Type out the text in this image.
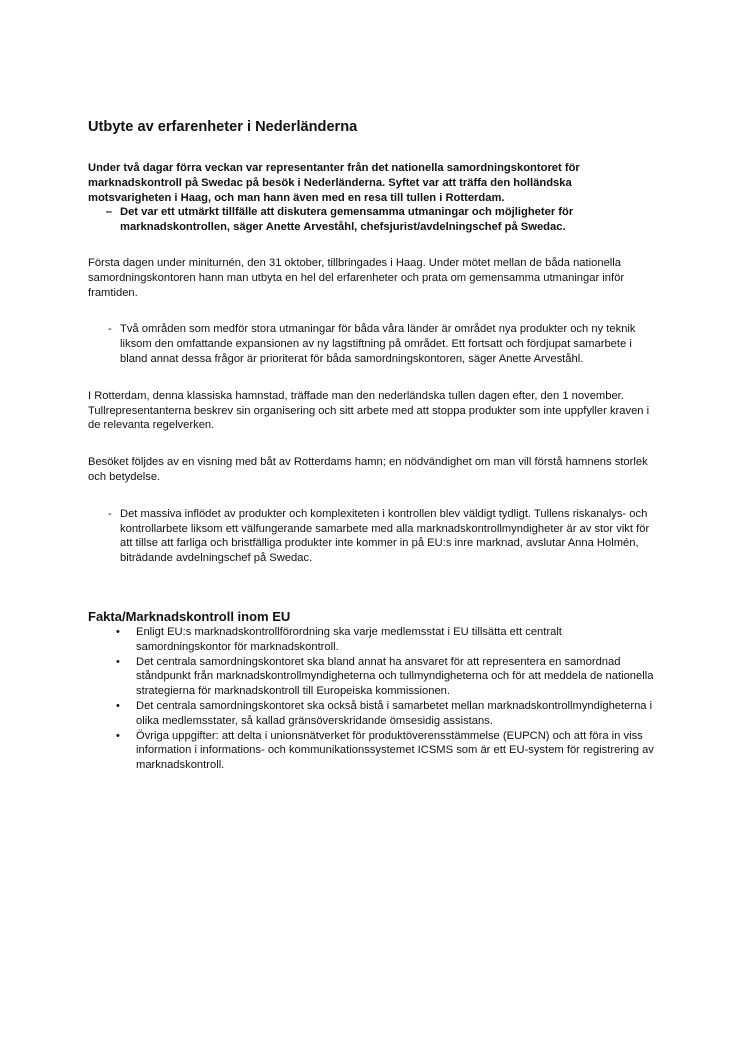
Utbyte av erfarenheter i Nederländerna

Under två dagar förra veckan var representanter från det nationella samordningskontoret för marknadskontroll på Swedac på besök i Nederländerna. Syftet var att träffa den holländska motsvarigheten i Haag, och man hann även med en resa till tullen i Rotterdam.

– Det var ett utmärkt tillfälle att diskutera gemensamma utmaningar och möjligheter för marknadskontrollen, säger Anette Arveståhl, chefsjurist/avdelningschef på Swedac.

Första dagen under miniturnén, den 31 oktober, tillbringades i Haag. Under mötet mellan de båda nationella samordningskontoren hann man utbyta en hel del erfarenheter och prata om gemensamma utmaningar inför framtiden.

- Två områden som medför stora utmaningar för båda våra länder är området nya produkter och ny teknik liksom den omfattande expansionen av ny lagstiftning på området. Ett fortsatt och fördjupat samarbete i bland annat dessa frågor är prioriterat för båda samordningskontoren, säger Anette Arveståhl.

I Rotterdam, denna klassiska hamnstad, träffade man den nederländska tullen dagen efter, den 1 november. Tullrepresentanterna beskrev sin organisering och sitt arbete med att stoppa produkter som inte uppfyller kraven i de relevanta regelverken.

Besöket följdes av en visning med båt av Rotterdams hamn; en nödvändighet om man vill förstå hamnens storlek och betydelse.

- Det massiva inflödet av produkter och komplexiteten i kontrollen blev väldigt tydligt. Tullens riskanalys- och kontrollarbete liksom ett välfungerande samarbete med alla marknadskontrollmyndigheter är av stor vikt för att tillse att farliga och bristfälliga produkter inte kommer in på EU:s inre marknad, avslutar Anna Holmén, biträdande avdelningschef på Swedac.
Fakta/Marknadskontroll inom EU
• Enligt EU:s marknadskontrollförordning ska varje medlemsstat i EU tillsätta ett centralt samordningskontor för marknadskontroll.
• Det centrala samordningskontoret ska bland annat ha ansvaret för att representera en samordnad ståndpunkt från marknadskontrollmyndigheterna och tullmyndigheterna och för att meddela de nationella strategierna för marknadskontroll till Europeiska kommissionen.
• Det centrala samordningskontoret ska också bistå i samarbetet mellan marknadskontrollmyndigheterna i olika medlemsstater, så kallad gränsöverskridande ömsesidig assistans.
• Övriga uppgifter: att delta i unionsnätverket för produktöverensstämmelse (EUPCN) och att föra in viss information i informations- och kommunikationssystemet ICSMS som är ett EU-system för registrering av marknadskontroll.
